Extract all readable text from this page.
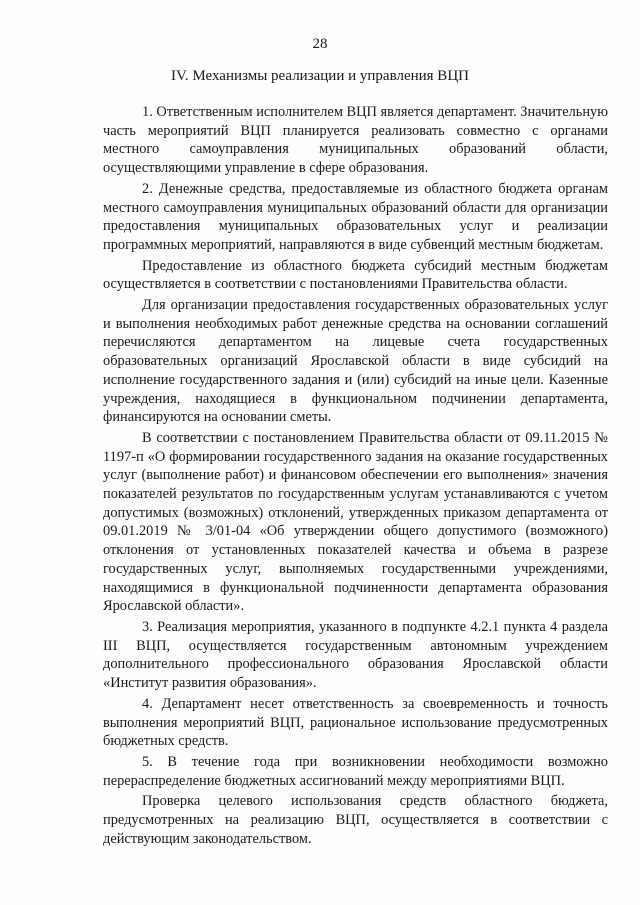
28
IV. Механизмы реализации и управления ВЦП

1. Ответственным исполнителем ВЦП является департамент. Значительную часть мероприятий ВЦП планируется реализовать совместно с органами местного самоуправления муниципальных образований области, осуществляющими управление в сфере образования.

2. Денежные средства, предоставляемые из областного бюджета органам местного самоуправления муниципальных образований области для организации предоставления муниципальных образовательных услуг и реализации программных мероприятий, направляются в виде субвенций местным бюджетам.

Предоставление из областного бюджета субсидий местным бюджетам осуществляется в соответствии с постановлениями Правительства области.

Для организации предоставления государственных образовательных услуг и выполнения необходимых работ денежные средства на основании соглашений перечисляются департаментом на лицевые счета государственных образовательных организаций Ярославской области в виде субсидий на исполнение государственного задания и (или) субсидий на иные цели. Казенные учреждения, находящиеся в функциональном подчинении департамента, финансируются на основании сметы.

В соответствии с постановлением Правительства области от 09.11.2015 № 1197-п «О формировании государственного задания на оказание государственных услуг (выполнение работ) и финансовом обеспечении его выполнения» значения показателей результатов по государственным услугам устанавливаются с учетом допустимых (возможных) отклонений, утвержденных приказом департамента от 09.01.2019 № 3/01-04 «Об утверждении общего допустимого (возможного) отклонения от установленных показателей качества и объема в разрезе государственных услуг, выполняемых государственными учреждениями, находящимися в функциональной подчиненности департамента образования Ярославской области».

3. Реализация мероприятия, указанного в подпункте 4.2.1 пункта 4 раздела III ВЦП, осуществляется государственным автономным учреждением дополнительного профессионального образования Ярославской области «Институт развития образования».

4. Департамент несет ответственность за своевременность и точность выполнения мероприятий ВЦП, рациональное использование предусмотренных бюджетных средств.

5. В течение года при возникновении необходимости возможно перераспределение бюджетных ассигнований между мероприятиями ВЦП.

Проверка целевого использования средств областного бюджета, предусмотренных на реализацию ВЦП, осуществляется в соответствии с действующим законодательством.
